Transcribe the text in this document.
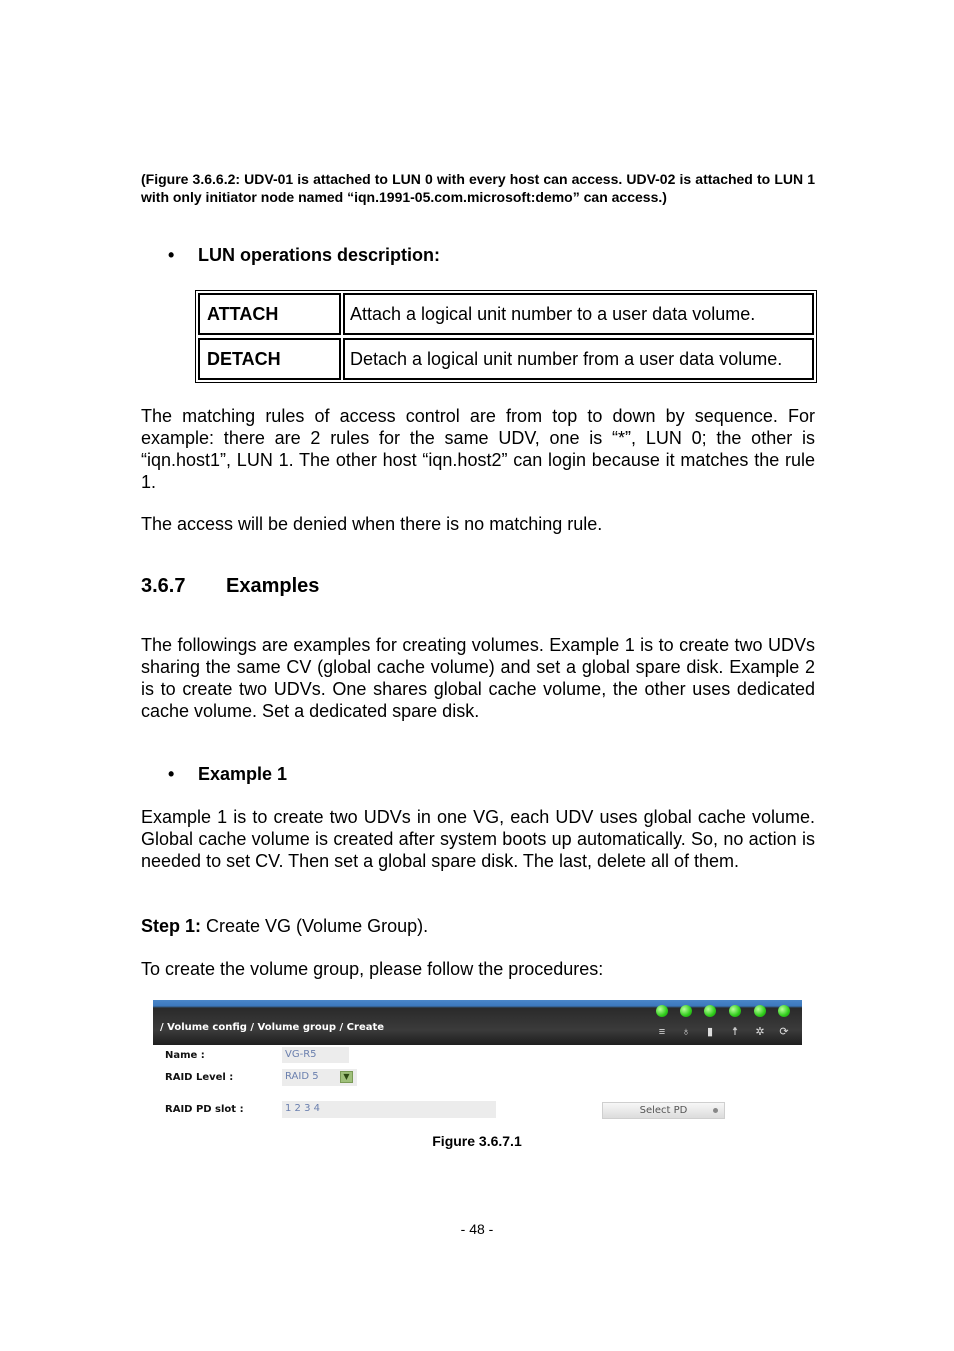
(Figure 3.6.6.2: UDV-01 is attached to LUN 0 with every host can access. UDV-02 is attached to LUN 1 with only initiator node named “iqn.1991-05.com.microsoft:demo” can access.)
• LUN operations description:
ATTACH	Attach a logical unit number to a user data volume.
DETACH	Detach a logical unit number from a user data volume.
The matching rules of access control are from top to down by sequence. For example: there are 2 rules for the same UDV, one is “*”, LUN 0; the other is “iqn.host1”, LUN 1. The other host “iqn.host2” can login because it matches the rule 1.
The access will be denied when there is no matching rule.
3.6.7 Examples
The followings are examples for creating volumes. Example 1 is to create two UDVs sharing the same CV (global cache volume) and set a global spare disk. Example 2 is to create two UDVs. One shares global cache volume, the other uses dedicated cache volume. Set a dedicated spare disk.
• Example 1
Example 1 is to create two UDVs in one VG, each UDV uses global cache volume. Global cache volume is created after system boots up automatically. So, no action is needed to set CV. Then set a global spare disk. The last, delete all of them.
Step 1: Create VG (Volume Group).
To create the volume group, please follow the procedures:
/ Volume config / Volume group / Create	≡ ♁ ▮ ☨ ✲ ⟳
Name :	VG-R5
RAID Level :	RAID 5	▼
RAID PD slot :	1 2 3 4	Select PD
Figure 3.6.7.1
- 48 -
